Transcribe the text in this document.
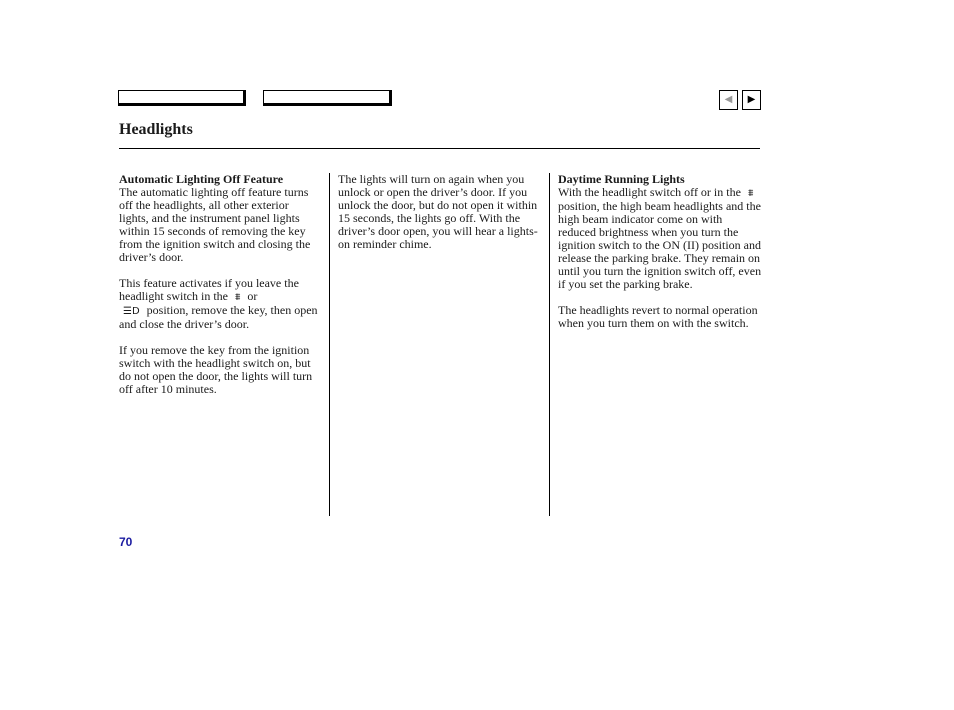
◀ ▶
Headlights
Automatic Lighting Off Feature

The automatic lighting off feature turns off the headlights, all other exterior lights, and the instrument panel lights within 15 seconds of removing the key from the ignition switch and closing the driver’s door.

This feature activates if you leave the headlight switch in the ⩩ or
☰D position, remove the key, then open and close the driver’s door.

If you remove the key from the ignition switch with the headlight switch on, but do not open the door, the lights will turn off after 10 minutes.

The lights will turn on again when you unlock or open the driver’s door. If you unlock the door, but do not open it within 15 seconds, the lights go off. With the driver’s door open, you will hear a lights-on reminder chime.

Daytime Running Lights

With the headlight switch off or in the ⩩ position, the high beam headlights and the high beam indicator come on with reduced brightness when you turn the ignition switch to the ON (II) position and release the parking brake. They remain on until you turn the ignition switch off, even if you set the parking brake.

The headlights revert to normal operation when you turn them on with the switch.

70
